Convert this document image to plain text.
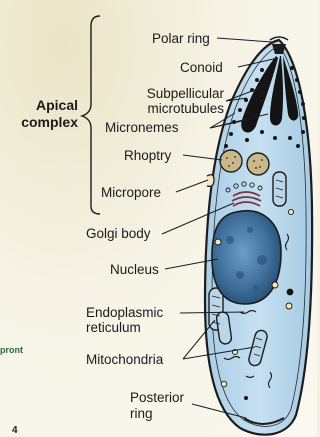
Polar ring
Conoid
Subpellicular
microtubules
Micronemes
Rhoptry
Micropore
Golgi body
Nucleus
Endoplasmic
reticulum
Mitochondria
Posterior
ring
Apical
complex
pront
4
